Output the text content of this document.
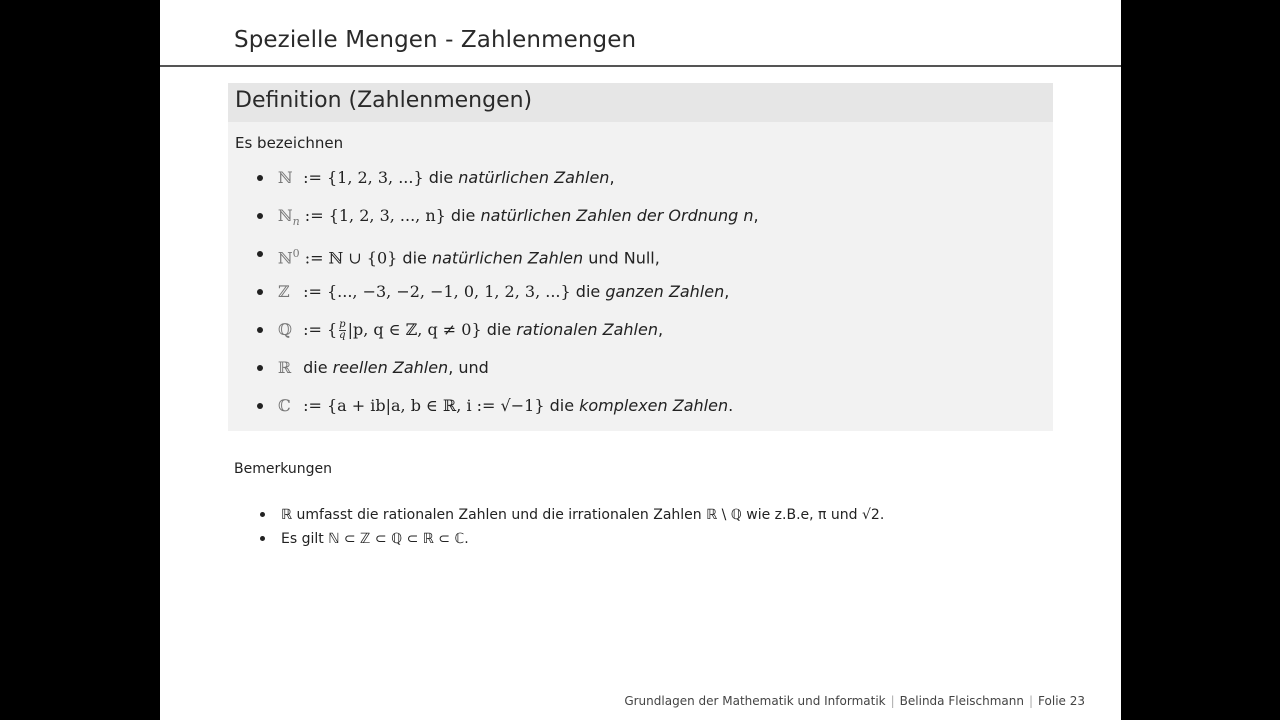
Spezielle Mengen - Zahlenmengen
Definition (Zahlenmengen)
Es bezeichnen
ℕ := {1, 2, 3, ...} die natürlichen Zahlen,
ℕ$_n$ := {1, 2, 3, ..., n} die natürlichen Zahlen der Ordnung n,
ℕ$^0$ := ℕ ∪ {0} die natürlichen Zahlen und Null,
ℤ := {..., −3, −2, −1, 0, 1, 2, 3, ...} die ganzen Zahlen,
ℚ := { $\frac{p}{q} |p$, q ∈ ℤ, q ≠ 0} die rationalen Zahlen,
ℝ die reellen Zahlen, und
ℂ := {a + ib|a, b ∈ ℝ, i := √−1} die komplexen Zahlen.
Bemerkungen
ℝ umfasst die rationalen Zahlen und die irrationalen Zahlen ℝ \ ℚ wie z.B.e, π und √2.
Es gilt ℕ ⊂ ℤ ⊂ ℚ ⊂ ℝ ⊂ ℂ.
Grundlagen der Mathematik und Informatik | Belinda Fleischmann | Folie 23
